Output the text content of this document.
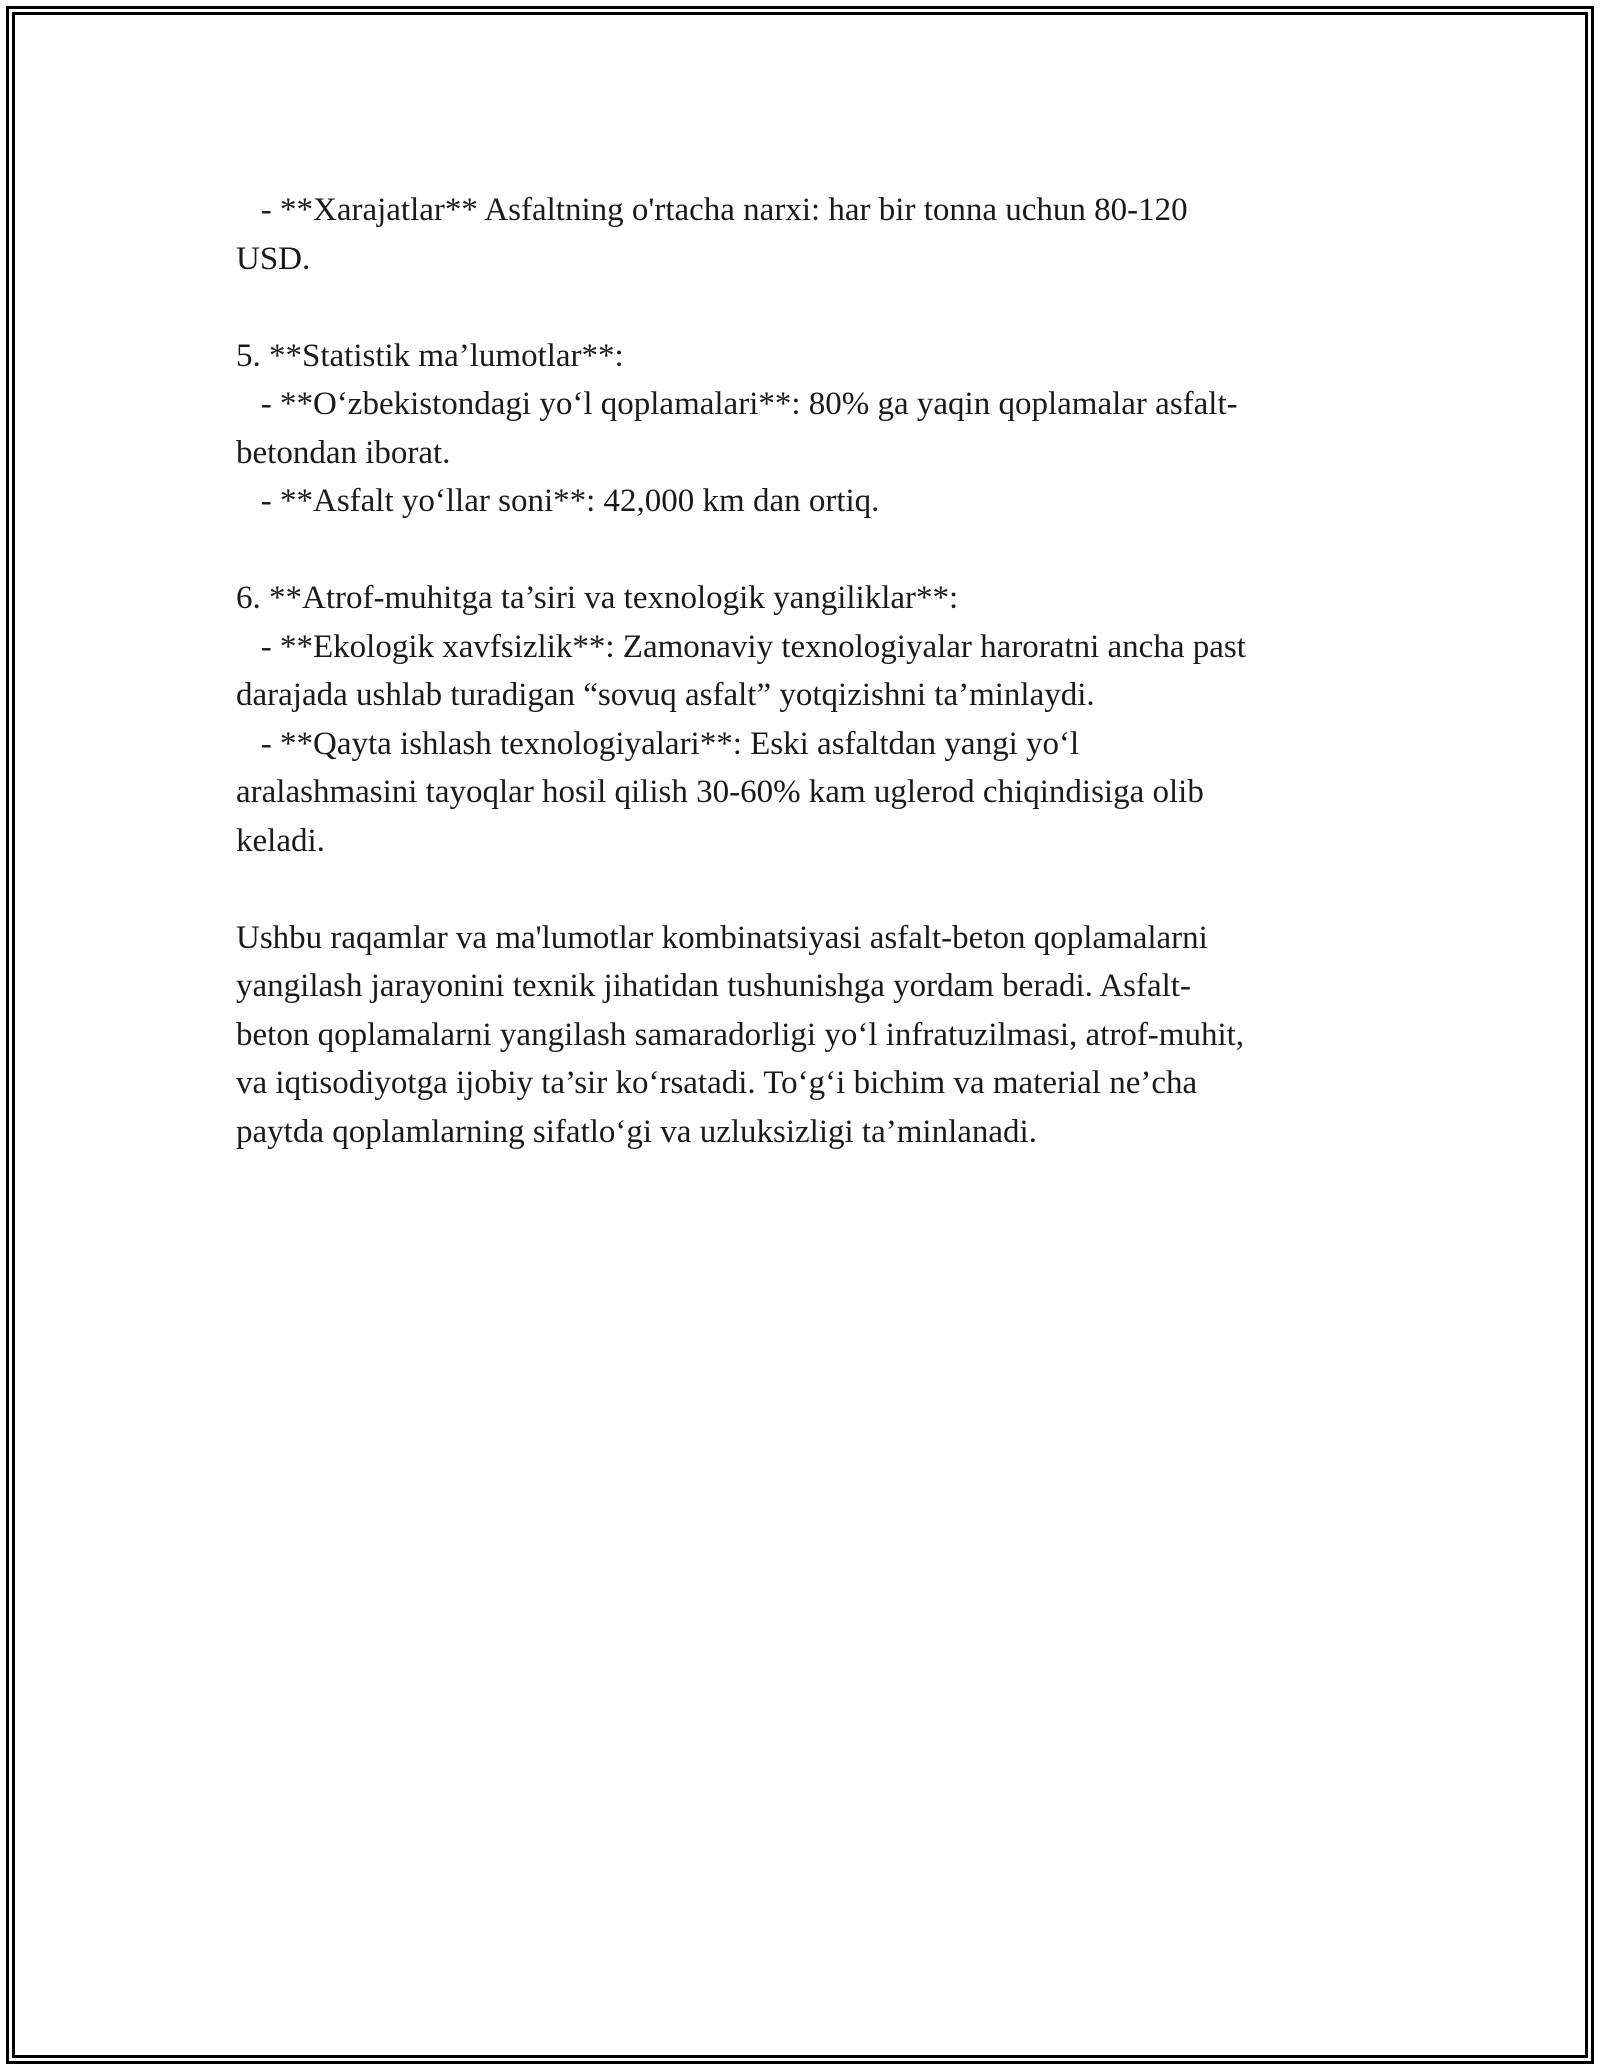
- **Xarajatlar** Asfaltning o'rtacha narxi: har bir tonna uchun 80-120

USD.

5. **Statistik ma’lumotlar**:

- **O‘zbekistondagi yo‘l qoplamalari**: 80% ga yaqin qoplamalar asfalt-

betondan iborat.

- **Asfalt yo‘llar soni**: 42,000 km dan ortiq.

6. **Atrof-muhitga ta’siri va texnologik yangiliklar**:

- **Ekologik xavfsizlik**: Zamonaviy texnologiyalar haroratni ancha past

darajada ushlab turadigan “sovuq asfalt” yotqizishni ta’minlaydi.

- **Qayta ishlash texnologiyalari**: Eski asfaltdan yangi yo‘l

aralashmasini tayoqlar hosil qilish 30-60% kam uglerod chiqindisiga olib

keladi.

Ushbu raqamlar va ma'lumotlar kombinatsiyasi asfalt-beton qoplamalarni

yangilash jarayonini texnik jihatidan tushunishga yordam beradi. Asfalt-

beton qoplamalarni yangilash samaradorligi yo‘l infratuzilmasi, atrof-muhit,

va iqtisodiyotga ijobiy ta’sir ko‘rsatadi. To‘g‘i bichim va material ne’cha

paytda qoplamlarning sifatlo‘gi va uzluksizligi ta’minlanadi.
